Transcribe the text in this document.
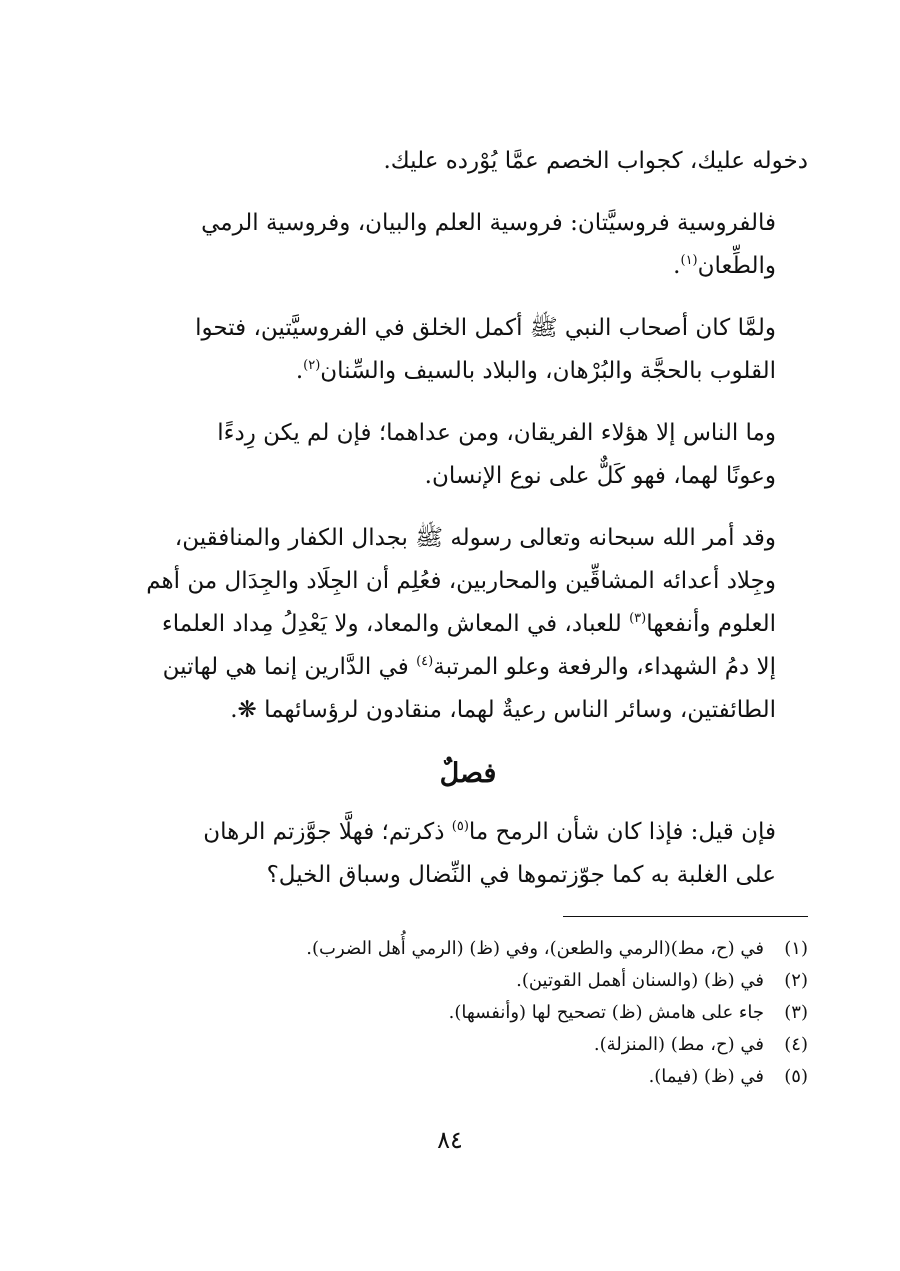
دخوله عليك، كجواب الخصم عمَّا يُوْرده عليك.

فالفروسية فروسيَّتان: فروسية العلم والبيان، وفروسية الرمي
والطِّعان$^{(١)}$.

ولمَّا كان أصحاب النبي ﷺ أكمل الخلق في الفروسيَّتين، فتحوا
القلوب بالحجَّة والبُرْهان، والبلاد بالسيف والسِّنان$^{(٢)}$.

وما الناس إلا هؤلاء الفريقان، ومن عداهما؛ فإن لم يكن رِدءًا
وعونًا لهما، فهو كَلٌّ على نوع الإنسان.

وقد أمر الله سبحانه وتعالى رسوله ﷺ بجدال الكفار والمنافقين،
وجِلاد أعدائه المشاقِّين والمحاربين، فعُلِم أن الجِلَاد والجِدَال من أهم
العلوم وأنفعها$^{(٣)}$ للعباد، في المعاش والمعاد، ولا يَعْدِلُ مِداد العلماء
إلا دمُ الشهداء، والرفعة وعلو المرتبة$^{(٤)}$ في الدَّارين إنما هي لهاتين
الطائفتين، وسائر الناس رعيةٌ لهما، منقادون لرؤسائهما ❋.

فصلٌ

فإن قيل: فإذا كان شأن الرمح ما$^{(٥)}$ ذكرتم؛ فهلَّا جوَّزتم الرهان
على الغلبة به كما جوّزتموها في النِّضال وسباق الخيل؟

(١)في (ح، مط)(الرمي والطعن)، وفي (ظ) (الرمي أُهل الضرب).
(٢)في (ظ) (والسنان أهمل القوتين).
(٣)جاء على هامش (ظ) تصحيح لها (وأنفسها).
(٤)في (ح، مط) (المنزلة).
(٥)في (ظ) (فيما).
٨٤
